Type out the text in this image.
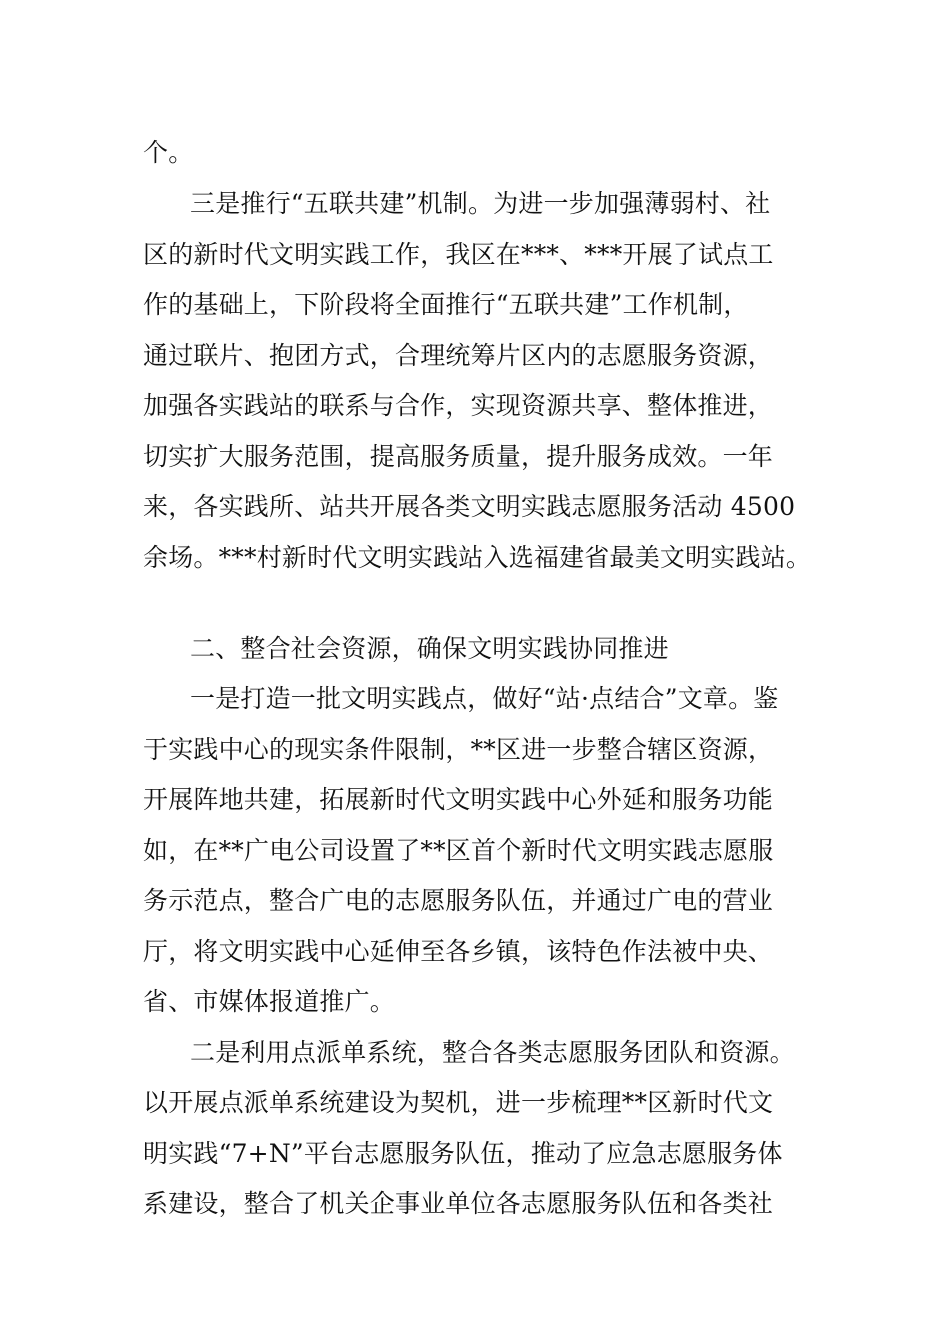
个。
三是推行“五联共建”机制。为进一步加强薄弱村、社
区的新时代文明实践工作，我区在***、***开展了试点工
作的基础上，下阶段将全面推行“五联共建”工作机制，
通过联片、抱团方式，合理统筹片区内的志愿服务资源，
加强各实践站的联系与合作，实现资源共享、整体推进，
切实扩大服务范围，提高服务质量，提升服务成效。一年
来，各实践所、站共开展各类文明实践志愿服务活动 4500
余场。***村新时代文明实践站入选福建省最美文明实践站。
二、整合社会资源，确保文明实践协同推进
一是打造一批文明实践点，做好“站·点结合”文章。鉴
于实践中心的现实条件限制，**区进一步整合辖区资源，
开展阵地共建，拓展新时代文明实践中心外延和服务功能
如，在**广电公司设置了**区首个新时代文明实践志愿服
务示范点，整合广电的志愿服务队伍，并通过广电的营业
厅，将文明实践中心延伸至各乡镇，该特色作法被中央、
省、市媒体报道推广。
二是利用点派单系统，整合各类志愿服务团队和资源。
以开展点派单系统建设为契机，进一步梳理**区新时代文
明实践“7+N”平台志愿服务队伍，推动了应急志愿服务体
系建设，整合了机关企事业单位各志愿服务队伍和各类社
